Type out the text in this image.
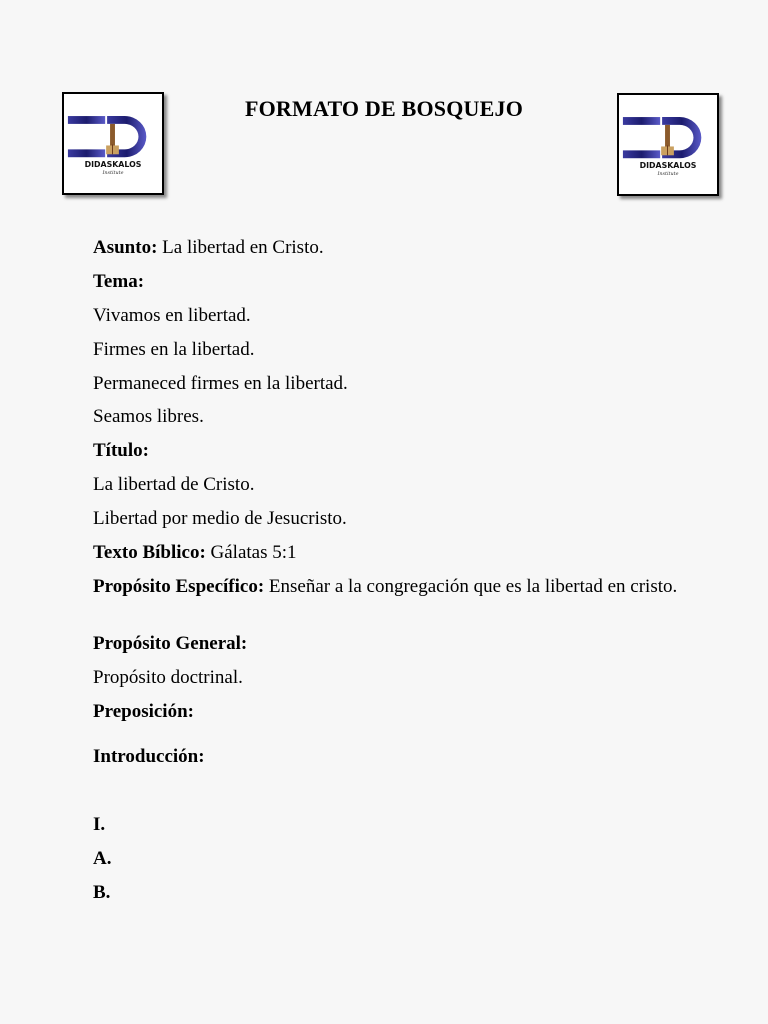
DIDASKALOS
Institute
DIDASKALOS
Institute
FORMATO DE BOSQUEJO
Asunto: La libertad en Cristo.
Tema:
Vivamos en libertad.
Firmes en la libertad.
Permaneced firmes en la libertad.
Seamos libres.
Título:
La libertad de Cristo.
Libertad por medio de Jesucristo.
Texto Bíblico: Gálatas 5:1
Propósito Específico: Enseñar a la congregación que es la libertad en cristo.
Propósito General:
Propósito doctrinal.
Preposición:
Introducción:
I.
A.
B.
